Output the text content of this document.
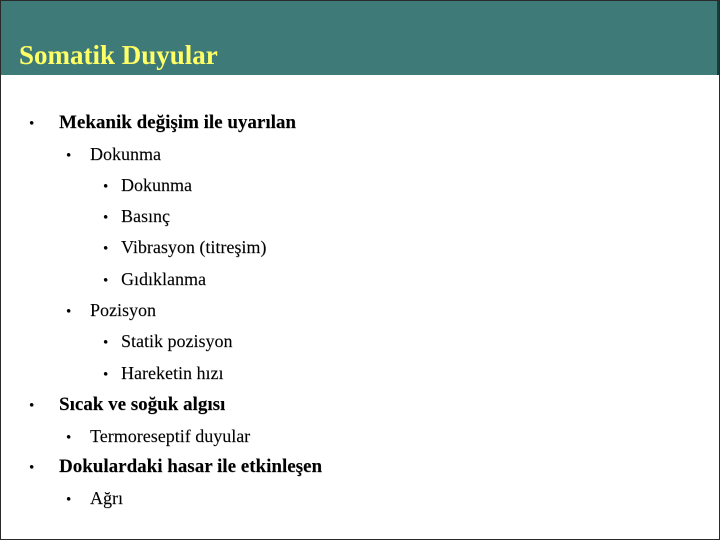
Somatik Duyular
•	Mekanik değişim ile uyarılan
•	Dokunma
• Dokunma
• Basınç
• Vibrasyon (titreşim)
• Gıdıklanma
•	Pozisyon
• Statik pozisyon
• Hareketin hızı
•	Sıcak ve soğuk algısı
•	Termoreseptif duyular
•	Dokulardaki hasar ile etkinleşen
•	Ağrı
